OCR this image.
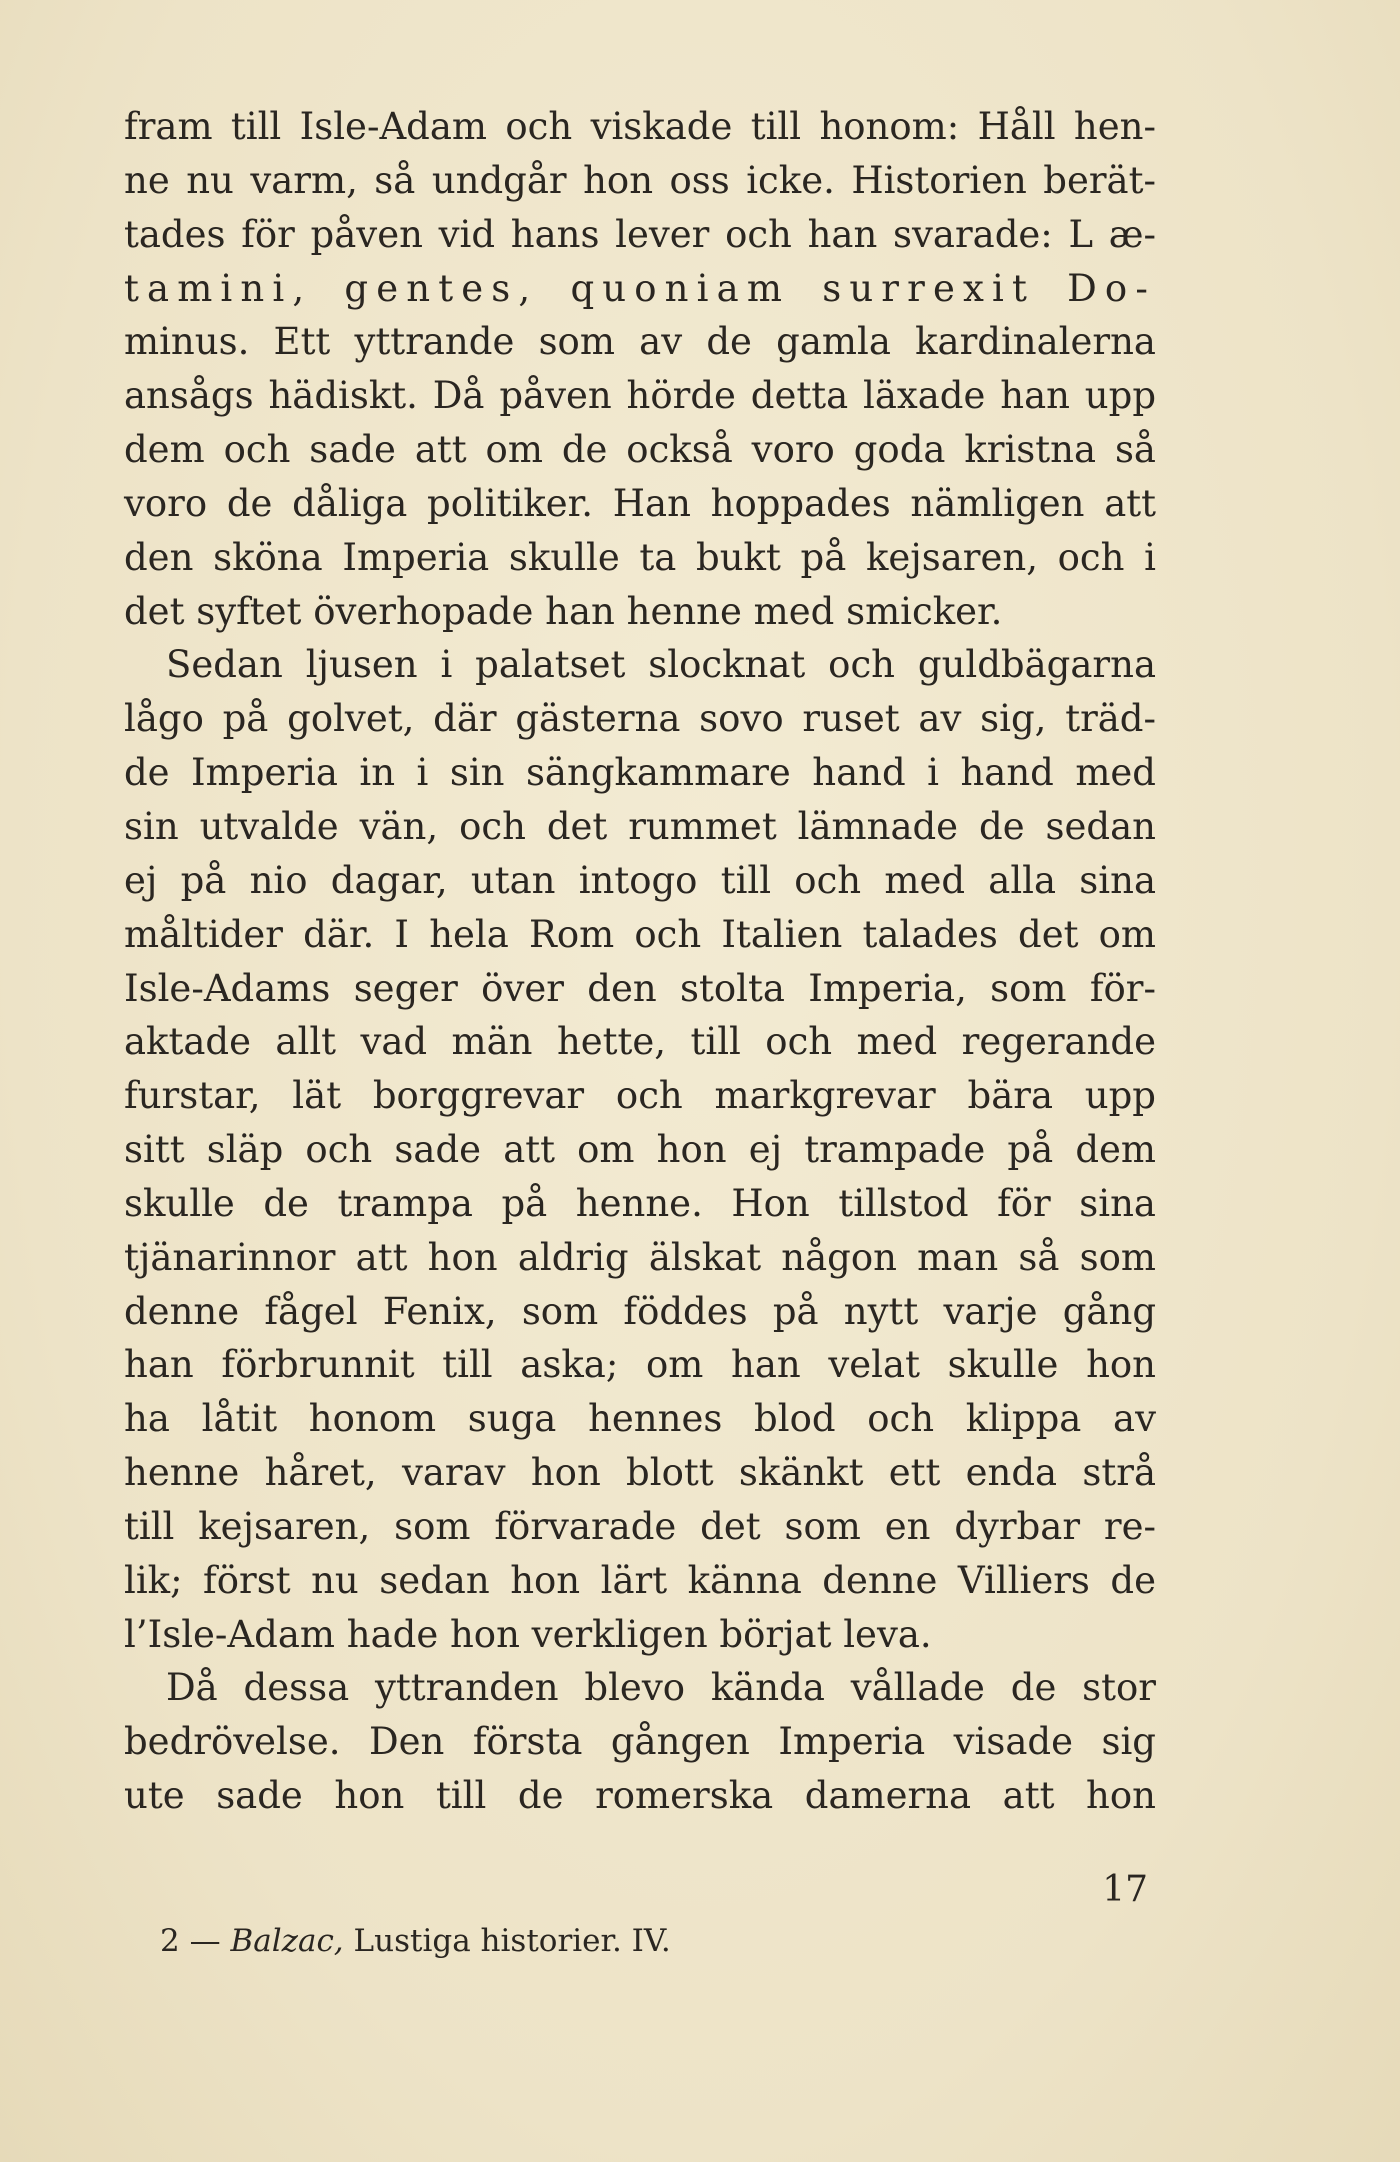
fram till Isle-Adam och viskade till honom: Håll hen-
ne nu varm, så undgår hon oss icke. Historien berät-
tades för påven vid hans lever och han svarade: L æ-
tamini, gentes, quoniam surrexit Do-
minus. Ett yttrande som av de gamla kardinalerna
ansågs hädiskt. Då påven hörde detta läxade han upp
dem och sade att om de också voro goda kristna så
voro de dåliga politiker. Han hoppades nämligen att
den sköna Imperia skulle ta bukt på kejsaren, och i
det syftet överhopade han henne med smicker.
Sedan ljusen i palatset slocknat och guldbägarna
lågo på golvet, där gästerna sovo ruset av sig, träd-
de Imperia in i sin sängkammare hand i hand med
sin utvalde vän, och det rummet lämnade de sedan
ej på nio dagar, utan intogo till och med alla sina
måltider där. I hela Rom och Italien talades det om
Isle-Adams seger över den stolta Imperia, som för-
aktade allt vad män hette, till och med regerande
furstar, lät borggrevar och markgrevar bära upp
sitt släp och sade att om hon ej trampade på dem
skulle de trampa på henne. Hon tillstod för sina
tjänarinnor att hon aldrig älskat någon man så som
denne fågel Fenix, som föddes på nytt varje gång
han förbrunnit till aska; om han velat skulle hon
ha låtit honom suga hennes blod och klippa av
henne håret, varav hon blott skänkt ett enda strå
till kejsaren, som förvarade det som en dyrbar re-
lik; först nu sedan hon lärt känna denne Villiers de
l’Isle-Adam hade hon verkligen börjat leva.
Då dessa yttranden blevo kända vållade de stor
bedrövelse. Den första gången Imperia visade sig
ute sade hon till de romerska damerna att hon
17
2 — Balzac, Lustiga historier. IV.
